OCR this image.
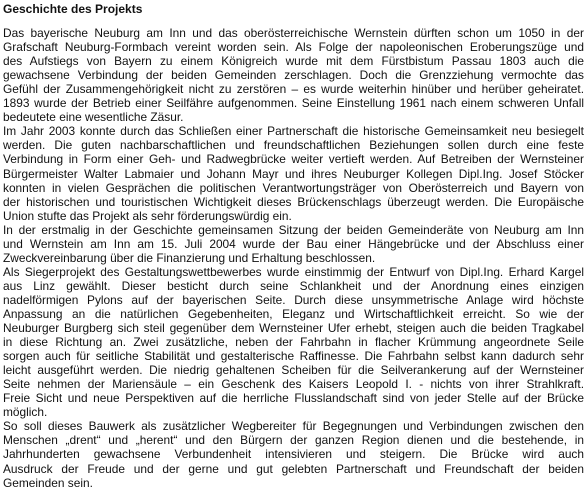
Geschichte des Projekts
Das bayerische Neuburg am Inn und das oberösterreichische Wernstein dürften schon um 1050 in der
Grafschaft Neuburg-Formbach vereint worden sein. Als Folge der napoleonischen Eroberungszüge und
des Aufstiegs von Bayern zu einem Königreich wurde mit dem Fürstbistum Passau 1803 auch die
gewachsene Verbindung der beiden Gemeinden zerschlagen. Doch die Grenzziehung vermochte das
Gefühl der Zusammengehörigkeit nicht zu zerstören – es wurde weiterhin hinüber und herüber geheiratet.
1893 wurde der Betrieb einer Seilfähre aufgenommen. Seine Einstellung 1961 nach einem schweren Unfall
bedeutete eine wesentliche Zäsur.
Im Jahr 2003 konnte durch das Schließen einer Partnerschaft die historische Gemeinsamkeit neu besiegelt
werden. Die guten nachbarschaftlichen und freundschaftlichen Beziehungen sollen durch eine feste
Verbindung in Form einer Geh- und Radwegbrücke weiter vertieft werden. Auf Betreiben der Wernsteiner
Bürgermeister Walter Labmaier und Johann Mayr und ihres Neuburger Kollegen Dipl.Ing. Josef Stöcker
konnten in vielen Gesprächen die politischen Verantwortungsträger von Oberösterreich und Bayern von
der historischen und touristischen Wichtigkeit dieses Brückenschlags überzeugt werden. Die Europäische
Union stufte das Projekt als sehr förderungswürdig ein.
In der erstmalig in der Geschichte gemeinsamen Sitzung der beiden Gemeinderäte von Neuburg am Inn
und Wernstein am Inn am 15. Juli 2004 wurde der Bau einer Hängebrücke und der Abschluss einer
Zweckvereinbarung über die Finanzierung und Erhaltung beschlossen.
Als Siegerprojekt des Gestaltungswettbewerbes wurde einstimmig der Entwurf von Dipl.Ing. Erhard Kargel
aus Linz gewählt. Dieser besticht durch seine Schlankheit und der Anordnung eines einzigen
nadelförmigen Pylons auf der bayerischen Seite. Durch diese unsymmetrische Anlage wird höchste
Anpassung an die natürlichen Gegebenheiten, Eleganz und Wirtschaftlichkeit erreicht. So wie der
Neuburger Burgberg sich steil gegenüber dem Wernsteiner Ufer erhebt, steigen auch die beiden Tragkabel
in diese Richtung an. Zwei zusätzliche, neben der Fahrbahn in flacher Krümmung angeordnete Seile
sorgen auch für seitliche Stabilität und gestalterische Raffinesse. Die Fahrbahn selbst kann dadurch sehr
leicht ausgeführt werden. Die niedrig gehaltenen Scheiben für die Seilverankerung auf der Wernsteiner
Seite nehmen der Mariensäule – ein Geschenk des Kaisers Leopold I. - nichts von ihrer Strahlkraft.
Freie Sicht und neue Perspektiven auf die herrliche Flusslandschaft sind von jeder Stelle auf der Brücke
möglich.
So soll dieses Bauwerk als zusätzlicher Wegbereiter für Begegnungen und Verbindungen zwischen den
Menschen „drent“ und „herent“ und den Bürgern der ganzen Region dienen und die bestehende, in
Jahrhunderten gewachsene Verbundenheit intensivieren und steigern. Die Brücke wird auch
Ausdruck der Freude und der gerne und gut gelebten Partnerschaft und Freundschaft der beiden
Gemeinden sein.
